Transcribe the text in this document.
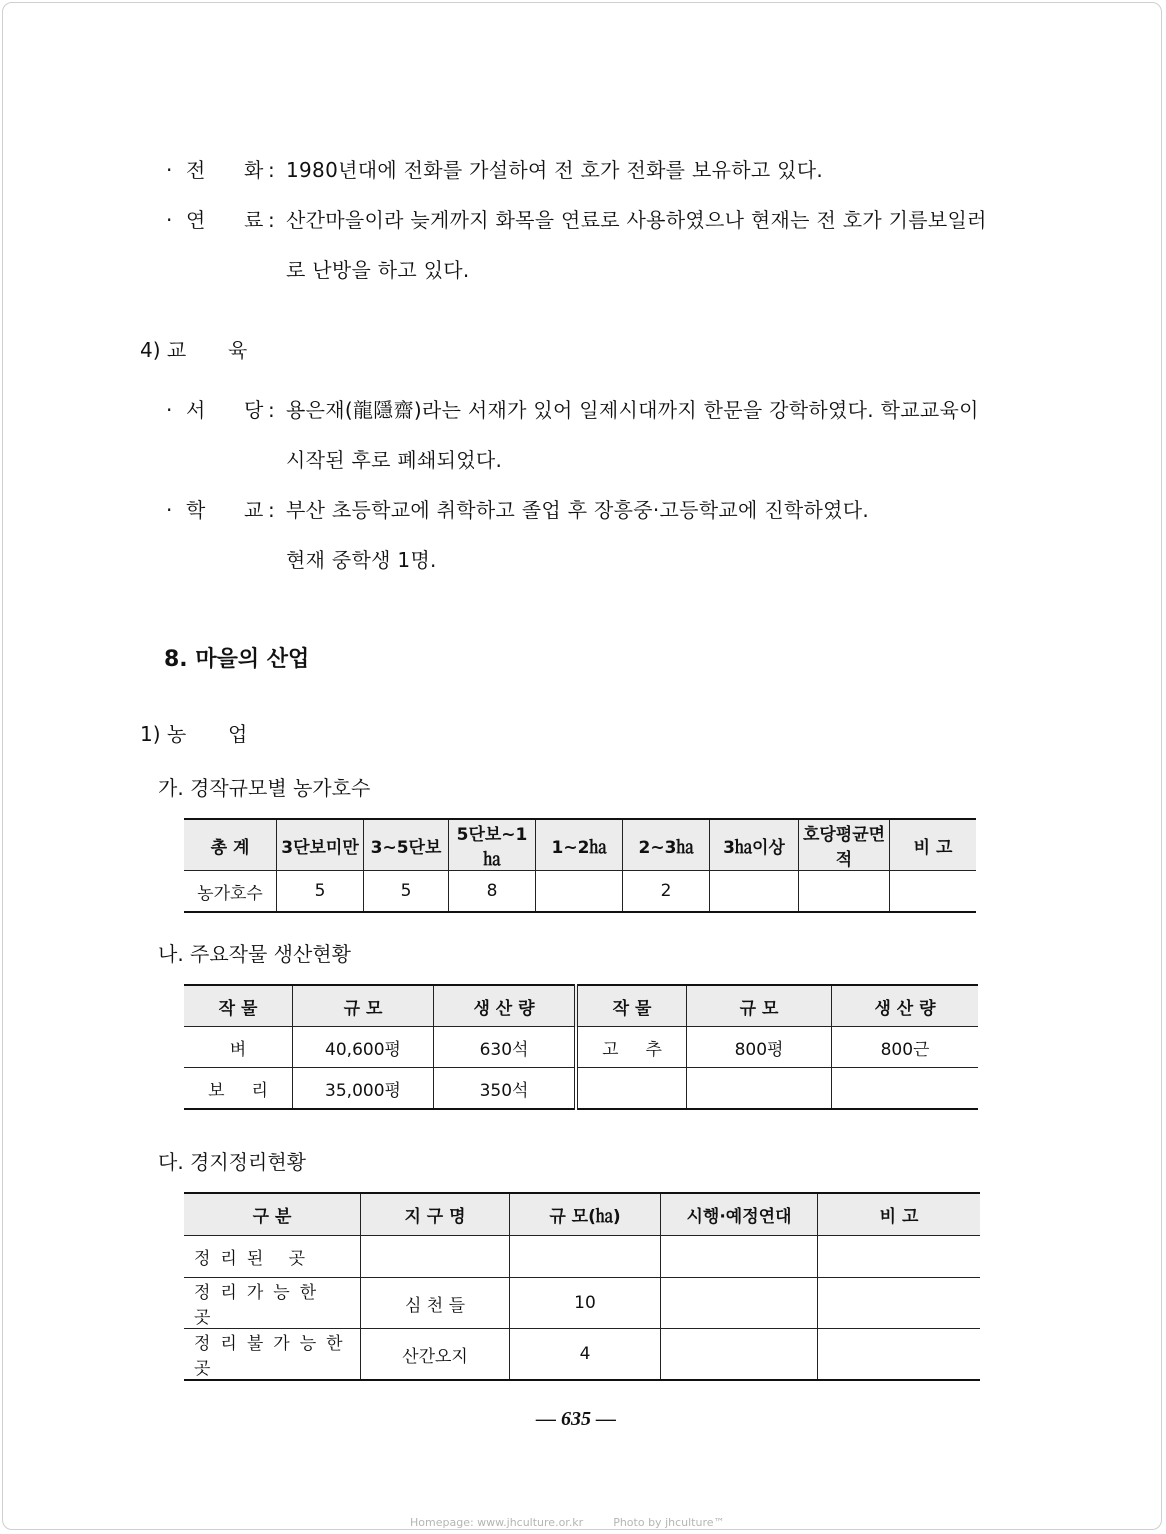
· 전 화 : 1980년대에 전화를 가설하여 전 호가 전화를 보유하고 있다.
· 연 료 : 산간마을이라 늦게까지 화목을 연료로 사용하였으나 현재는 전 호가 기름보일러
로 난방을 하고 있다.
4) 교 육
· 서 당 : 용은재(龍隱齋)라는 서재가 있어 일제시대까지 한문을 강학하였다. 학교교육이
시작된 후로 폐쇄되었다.
· 학 교 : 부산 초등학교에 취학하고 졸업 후 장흥중·고등학교에 진학하였다.
현재 중학생 1명.
8. 마을의 산업
1) 농 업
가. 경작규모별 농가호수
총 계	3단보미만	3~5단보	5단보~1㏊	1~2㏊	2~3㏊	3㏊이상	호당평균면적	비 고
농가호수	5	5	8		2			
나. 주요작물 생산현황
작 물	규 모	생 산 량	작 물	규 모	생 산 량
벼	40,600평	630석	고     추	800평	800근
보     리	35,000평	350석			
다. 경지정리현황
구 분	지 구 명	규 모(㏊)	시행·예정연대	비 고
정리된 곳				
정리가능한 곳	심 천 들	10		
정리불가능한 곳	산간오지	4		
— 635 —
Homepage: www.jhculture.or.kr	Photo by jhculture™
